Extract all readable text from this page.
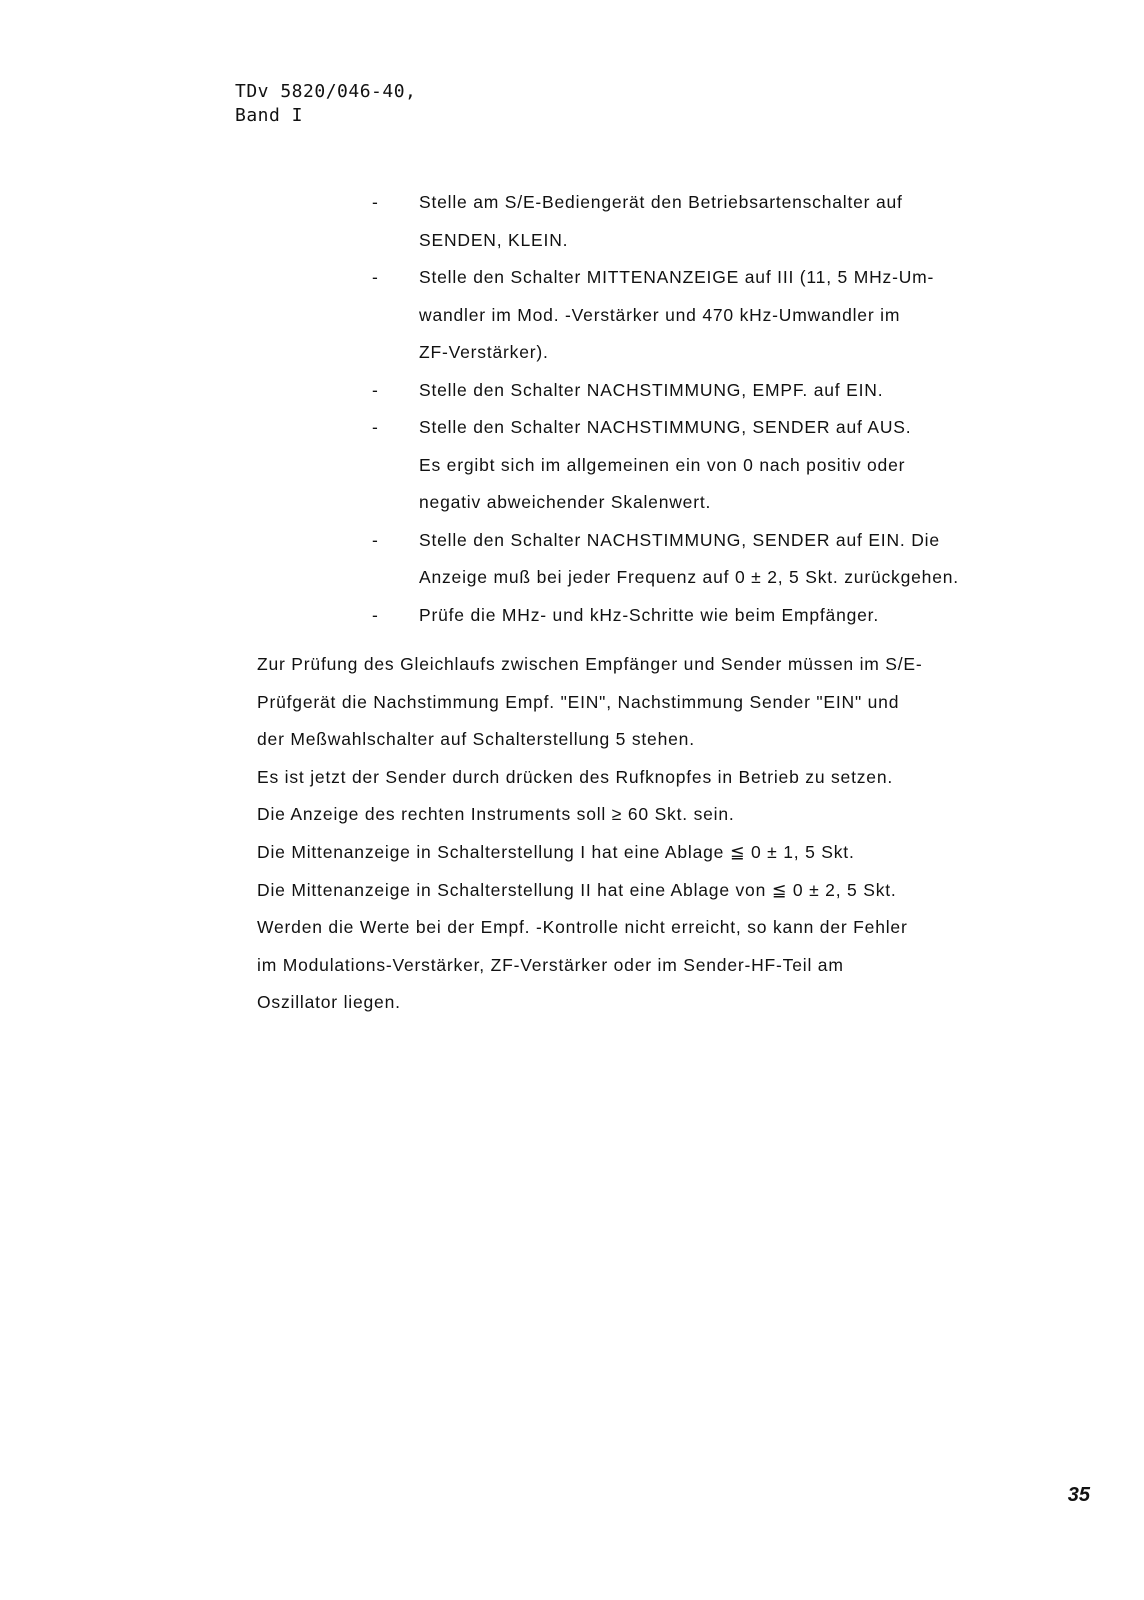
TDv 5820/046-40,
Band I
- Stelle am S/E-Bediengerät den Betriebsartenschalter auf
SENDEN, KLEIN.
- Stelle den Schalter MITTENANZEIGE auf III (11, 5 MHz-Um-
wandler im Mod. -Verstärker und 470 kHz-Umwandler im
ZF-Verstärker).
- Stelle den Schalter NACHSTIMMUNG, EMPF. auf EIN.
- Stelle den Schalter NACHSTIMMUNG, SENDER auf AUS.
Es ergibt sich im allgemeinen ein von 0 nach positiv oder
negativ abweichender Skalenwert.
- Stelle den Schalter NACHSTIMMUNG, SENDER auf EIN. Die
Anzeige muß bei jeder Frequenz auf 0 ± 2, 5 Skt. zurückgehen.
- Prüfe die MHz- und kHz-Schritte wie beim Empfänger.
Zur Prüfung des Gleichlaufs zwischen Empfänger und Sender müssen im S/E-
Prüfgerät die Nachstimmung Empf. "EIN", Nachstimmung Sender "EIN" und
der Meßwahlschalter auf Schalterstellung 5 stehen.
Es ist jetzt der Sender durch drücken des Rufknopfes in Betrieb zu setzen.
Die Anzeige des rechten Instruments soll ≥ 60 Skt. sein.
Die Mittenanzeige in Schalterstellung I hat eine Ablage ≦ 0 ± 1, 5 Skt.
Die Mittenanzeige in Schalterstellung II hat eine Ablage von ≦ 0 ± 2, 5 Skt.
Werden die Werte bei der Empf. -Kontrolle nicht erreicht, so kann der Fehler
im Modulations-Verstärker, ZF-Verstärker oder im Sender-HF-Teil am
Oszillator liegen.
35
